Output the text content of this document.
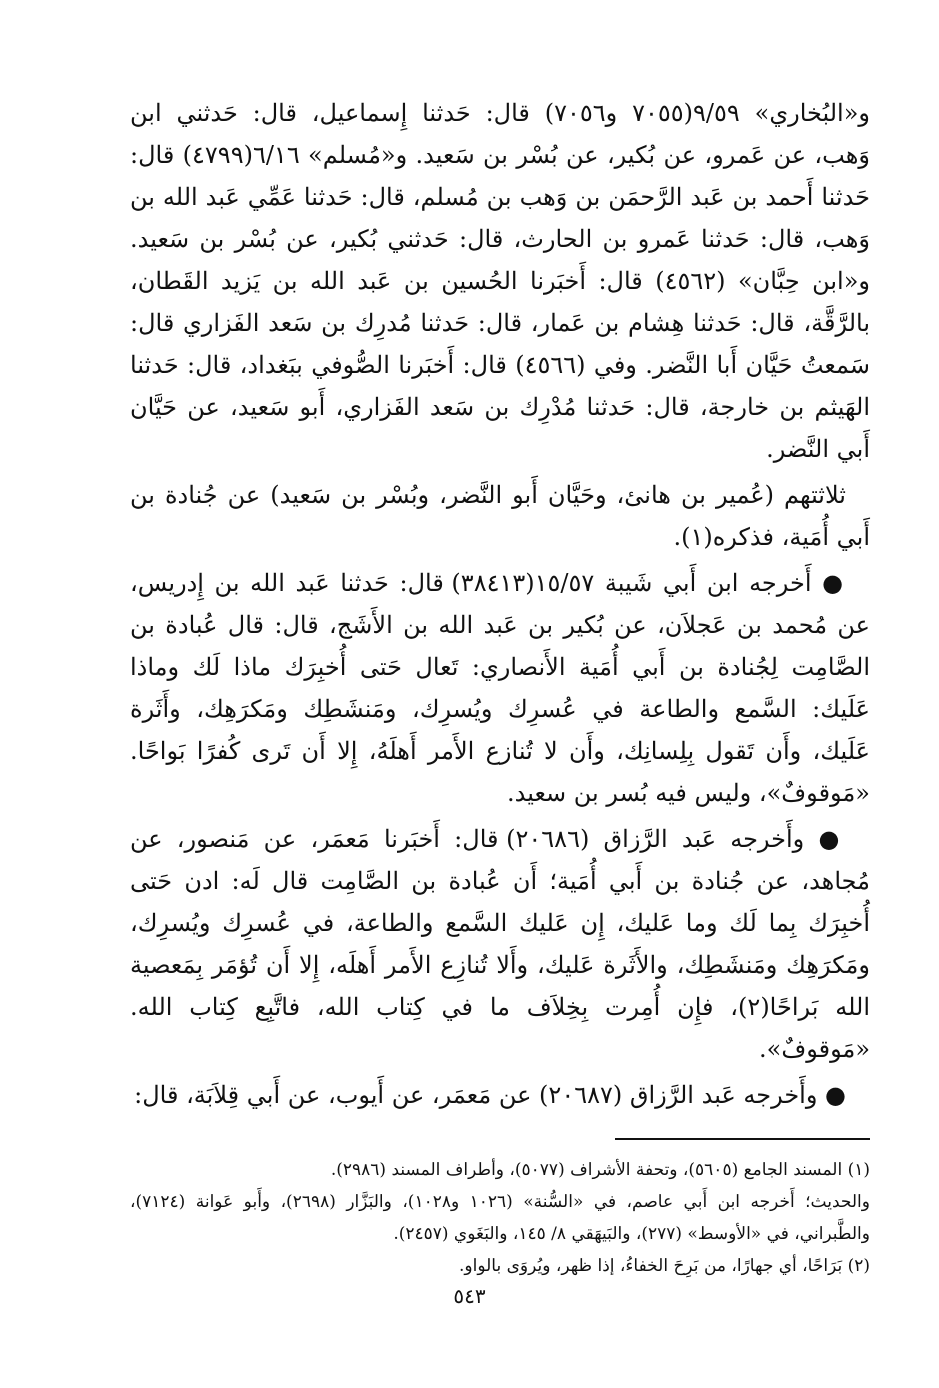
و«البُخاري» ٩/٥٩(٧٠٥٥ و٧٠٥٦) قال: حَدثنا إِسماعيل، قال: حَدثني ابن وَهب، عن عَمرو، عن بُكير، عن بُسْر بن سَعيد. و«مُسلم» ٦/١٦(٤٧٩٩) قال: حَدثنا أَحمد بن عَبد الرَّحمَن بن وَهب بن مُسلم، قال: حَدثنا عَمِّي عَبد الله بن وَهب، قال: حَدثنا عَمرو بن الحارث، قال: حَدثني بُكير، عن بُسْر بن سَعيد. و«ابن حِبَّان» (٤٥٦٢) قال: أَخبَرنا الحُسين بن عَبد الله بن يَزيد القَطان، بالرَّقَّة، قال: حَدثنا هِشام بن عَمار، قال: حَدثنا مُدرِك بن سَعد الفَزاري قال: سَمعتُ حَيَّان أَبا النَّضر. وفي (٤٥٦٦) قال: أَخبَرنا الصُّوفي ببَغداد، قال: حَدثنا الهَيثم بن خارجة، قال: حَدثنا مُدْرِك بن سَعد الفَزاري، أَبو سَعيد، عن حَيَّان أَبي النَّضر.

ثلاثتهم (عُمير بن هانئ، وحَيَّان أَبو النَّضر، وبُسْر بن سَعيد) عن جُنادة بن أَبي أُمَية، فذكره(١).

● أَخرجه ابن أَبي شَيبة ١٥/٥٧(٣٨٤١٣) قال: حَدثنا عَبد الله بن إِدريس، عن مُحمد بن عَجلاَن، عن بُكير بن عَبد الله بن الأَشَج، قال: قال عُبادة بن الصَّامِت لِجُنادة بن أَبي أُمَية الأَنصاري: تَعال حَتى أُخبِرَك ماذا لَك وماذا عَلَيك: السَّمع والطاعة في عُسرِك ويُسرِك، ومَنشَطِك ومَكرَهِك، وأَثَرة عَلَيك، وأَن تَقول بِلِسانِك، وأَن لا تُنازع الأَمر أَهلَهُ، إِلا أَن تَرى كُفرًا بَواحًا. «مَوقوفٌ»، وليس فيه بُسر بن سعيد.

● وأَخرجه عَبد الرَّزاق (٢٠٦٨٦) قال: أَخبَرنا مَعمَر، عن مَنصور، عن مُجاهد، عن جُنادة بن أَبي أُمَية؛ أَن عُبادة بن الصَّامِت قال لَه: ادن حَتى أُخبِرَك بِما لَك وما عَليك، إِن عَليك السَّمع والطاعة، في عُسرِك ويُسرِك، ومَكرَهِك ومَنشَطِك، والأَثَرة عَليك، وأَلا تُنازِع الأَمر أَهلَه، إِلا أَن تُؤمَر بِمَعصية الله بَراحًا(٢)، فإِن أُمِرت بِخِلاَف ما في كِتاب الله، فاتَّبِع كِتاب الله. «مَوقوفٌ».

● وأَخرجه عَبد الرَّزاق (٢٠٦٨٧) عن مَعمَر، عن أَيوب، عن أَبي قِلاَبَة، قال:

(١) المسند الجامع (٥٦٠٥)، وتحفة الأشراف (٥٠٧٧)، وأطراف المسند (٢٩٨٦).

والحديث؛ أَخرجه ابن أَبي عاصم، في «السُّنة» (١٠٢٦ و١٠٢٨)، والبَزَّار (٢٦٩٨)، وأَبو عَوانة (٧١٢٤)، والطَّبراني، في «الأوسط» (٢٧٧)، والبَيهَقي ٨/ ١٤٥، والبَغَوي (٢٤٥٧).

(٢) بَرَاحًا، أي جهارًا، من بَرِحَ الخفاءُ، إذا ظهر، ويُروَى بالواو.

٥٤٣
